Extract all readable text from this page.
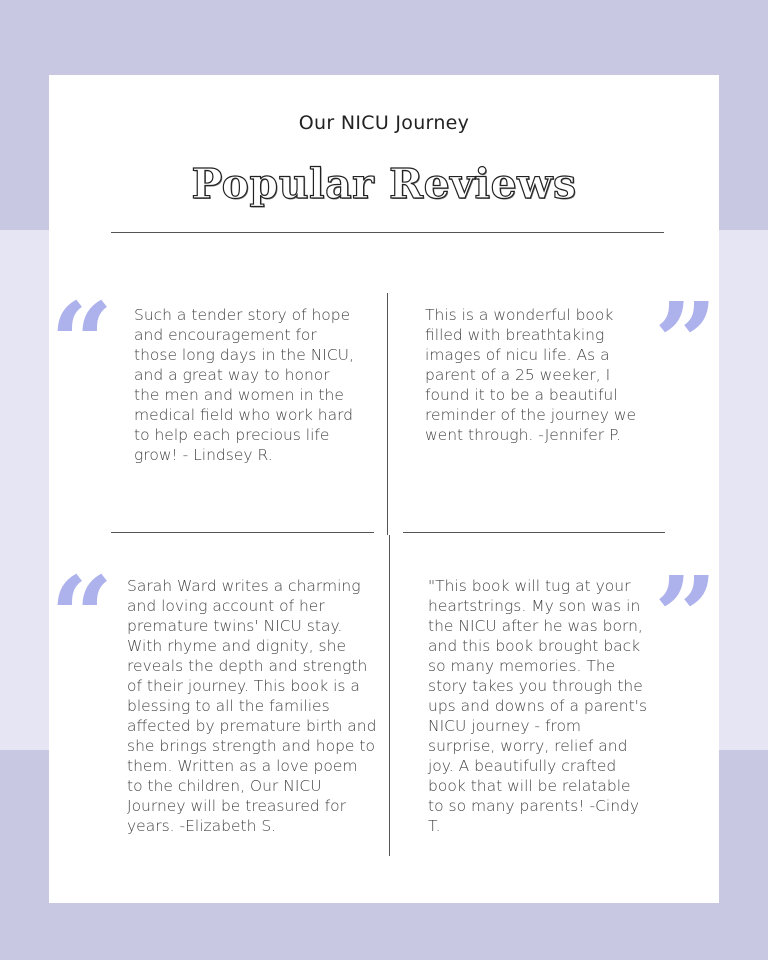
Our NICU Journey
Popular Reviews
“	”
“	”
Such a tender story of hope and encouragement for those long days in the NICU, and a great way to honor the men and women in the medical field who work hard to help each precious life grow! - Lindsey R.
This is a wonderful book filled with breathtaking images of nicu life. As a parent of a 25 weeker, I found it to be a beautiful reminder of the journey we went through. -Jennifer P.
Sarah Ward writes a charming and loving account of her premature twins' NICU stay. With rhyme and dignity, she reveals the depth and strength of their journey. This book is a blessing to all the families affected by premature birth and she brings strength and hope to them. Written as a love poem to the children, Our NICU Journey will be treasured for years. -Elizabeth S.
"This book will tug at your heartstrings. My son was in the NICU after he was born, and this book brought back so many memories. The story takes you through the ups and downs of a parent's NICU journey - from surprise, worry, relief and joy. A beautifully crafted book that will be relatable to so many parents! -Cindy T.
